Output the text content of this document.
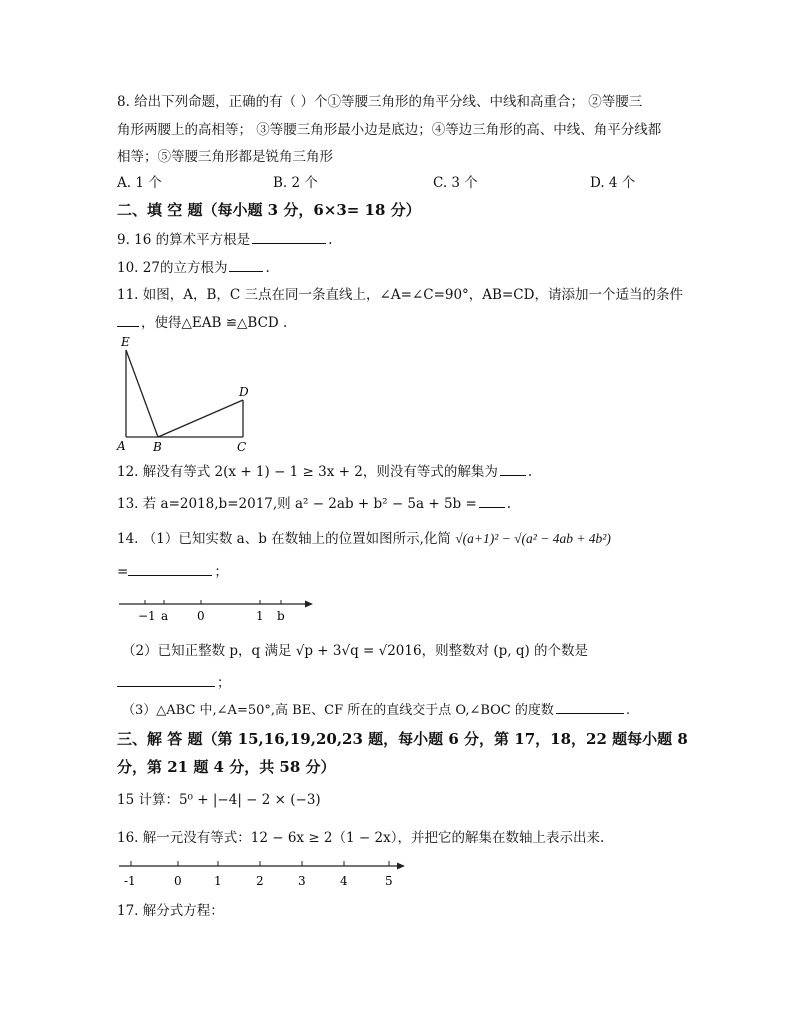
8. 给出下列命题，正确的有（ ）个①等腰三角形的角平分线、中线和高重合； ②等腰三
角形两腰上的高相等； ③等腰三角形最小边是底边；④等边三角形的高、中线、角平分线都
相等；⑤等腰三角形都是锐角三角形
A. 1 个	B. 2 个	C. 3 个	D. 4 个
二、填 空 题（每小题 3 分，6×3= 18 分）
9. 16 的算术平方根是	.
10. 27的立方根为	.
11. 如图，A，B，C 三点在同一条直线上，∠A=∠C=90°，AB=CD，请添加一个适当的条件
，使得△EAB ≌△BCD .
E
D
A B	C
12. 解没有等式 2(x + 1) − 1 ≥ 3x + 2，则没有等式的解集为 .
13. 若 a=2018,b=2017,则 a² − 2ab + b² − 5a + 5b = .
14. （1）已知实数 a、b 在数轴上的位置如图所示,化简 √(a+1)² − √(a² − 4ab + 4b²)
=	；
−1 a 0	1 b
（2）已知正整数 p，q 满足 √p + 3√q = √2016，则整数对 (p, q) 的个数是
；
（3）△ABC 中,∠A=50°,高 BE、CF 所在的直线交于点 O,∠BOC 的度数	.
三、解 答 题（第 15,16,19,20,23 题，每小题 6 分，第 17，18，22 题每小题 8
分，第 21 题 4 分，共 58 分）
15 计算：5⁰ + |−4| − 2 × (−3)
16. 解一元没有等式：12 − 6x ≥ 2（1 − 2x），并把它的解集在数轴上表示出来.
-1	0	1	2	3	4	5
17. 解分式方程：
